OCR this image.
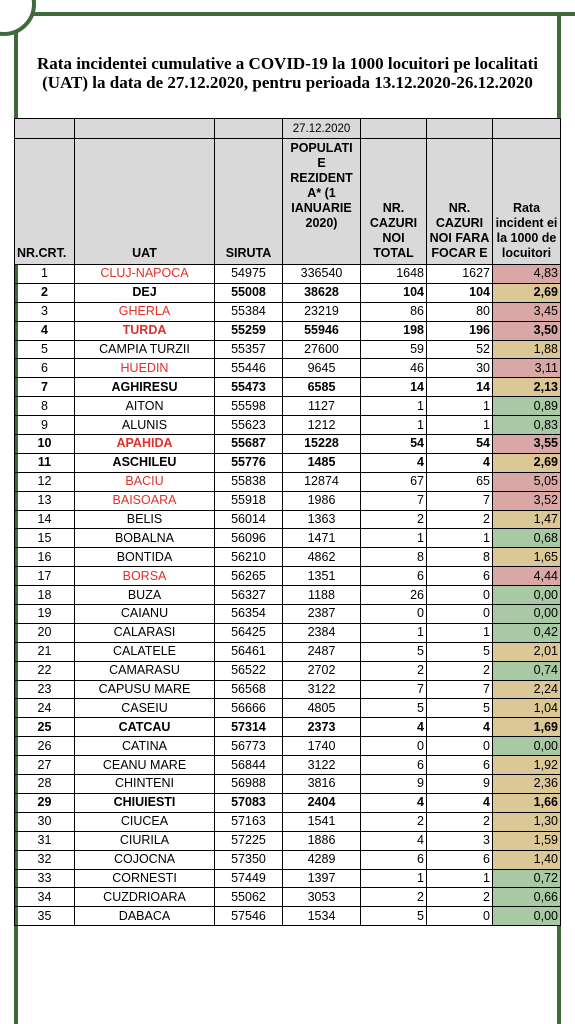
Rata incidentei cumulative a COVID-19 la 1000 locuitori pe localitati (UAT) la data de 27.12.2020, pentru perioada 13.12.2020-26.12.2020
			27.12.2020			
NR.CRT.	UAT	SIRUTA	POPULATI E REZIDENT A* (1 IANUARIE 2020)	NR. CAZURI NOI TOTAL	NR. CAZURI NOI FARA FOCAR E	Rata incident ei la 1000 de locuitori
1	CLUJ-NAPOCA	54975	336540	1648	1627	4,83
2	DEJ	55008	38628	104	104	2,69
3	GHERLA	55384	23219	86	80	3,45
4	TURDA	55259	55946	198	196	3,50
5	CAMPIA TURZII	55357	27600	59	52	1,88
6	HUEDIN	55446	9645	46	30	3,11
7	AGHIRESU	55473	6585	14	14	2,13
8	AITON	55598	1127	1	1	0,89
9	ALUNIS	55623	1212	1	1	0,83
10	APAHIDA	55687	15228	54	54	3,55
11	ASCHILEU	55776	1485	4	4	2,69
12	BACIU	55838	12874	67	65	5,05
13	BAISOARA	55918	1986	7	7	3,52
14	BELIS	56014	1363	2	2	1,47
15	BOBALNA	56096	1471	1	1	0,68
16	BONTIDA	56210	4862	8	8	1,65
17	BORSA	56265	1351	6	6	4,44
18	BUZA	56327	1188	26	0	0,00
19	CAIANU	56354	2387	0	0	0,00
20	CALARASI	56425	2384	1	1	0,42
21	CALATELE	56461	2487	5	5	2,01
22	CAMARASU	56522	2702	2	2	0,74
23	CAPUSU MARE	56568	3122	7	7	2,24
24	CASEIU	56666	4805	5	5	1,04
25	CATCAU	57314	2373	4	4	1,69
26	CATINA	56773	1740	0	0	0,00
27	CEANU MARE	56844	3122	6	6	1,92
28	CHINTENI	56988	3816	9	9	2,36
29	CHIUIESTI	57083	2404	4	4	1,66
30	CIUCEA	57163	1541	2	2	1,30
31	CIURILA	57225	1886	4	3	1,59
32	COJOCNA	57350	4289	6	6	1,40
33	CORNESTI	57449	1397	1	1	0,72
34	CUZDRIOARA	55062	3053	2	2	0,66
35	DABACA	57546	1534	5	0	0,00
